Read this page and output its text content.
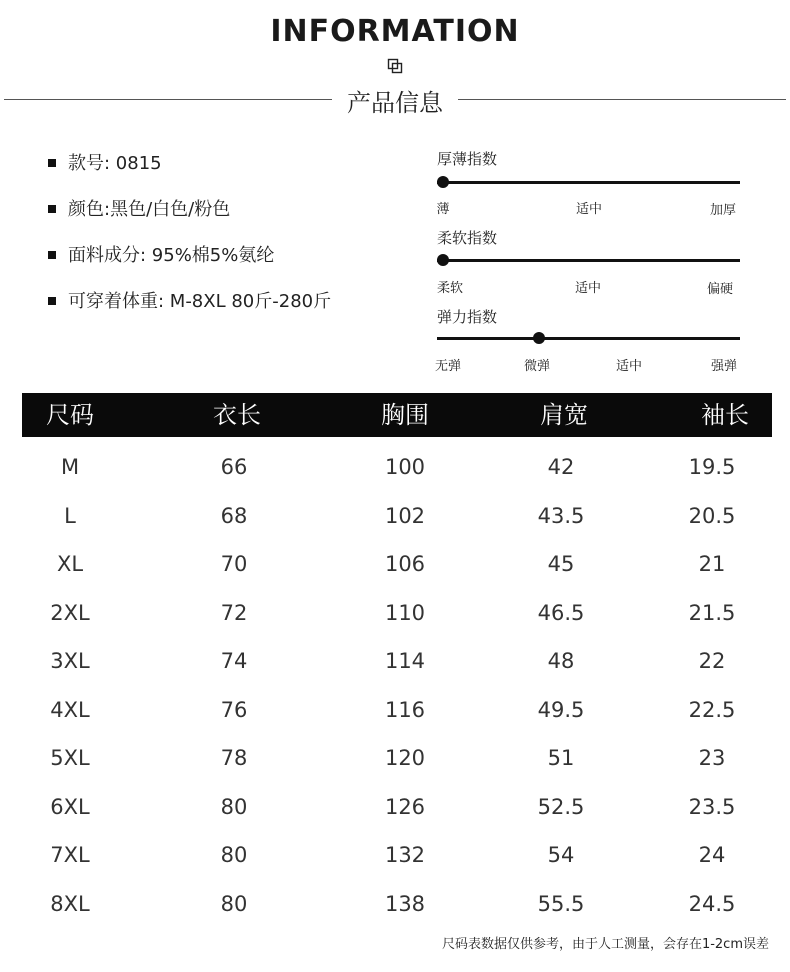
INFORMATION
产品信息
款号: 0815
颜色:黑色/白色/粉色
面料成分: 95%棉5%氨纶
可穿着体重: M-8XL 80斤-280斤
厚薄指数
薄	适中	加厚
柔软指数
柔软	适中	偏硬
弹力指数
无弹	微弹	适中	强弹
尺码	衣长	胸围	肩宽	袖长
M	66	100	42	19.5
L	68	102	43.5	20.5
XL	70	106	45	21
2XL	72	110	46.5	21.5
3XL	74	114	48	22
4XL	76	116	49.5	22.5
5XL	78	120	51	23
6XL	80	126	52.5	23.5
7XL	80	132	54	24
8XL	80	138	55.5	24.5
尺码表数据仅供参考，由于人工测量，会存在1-2cm误差
